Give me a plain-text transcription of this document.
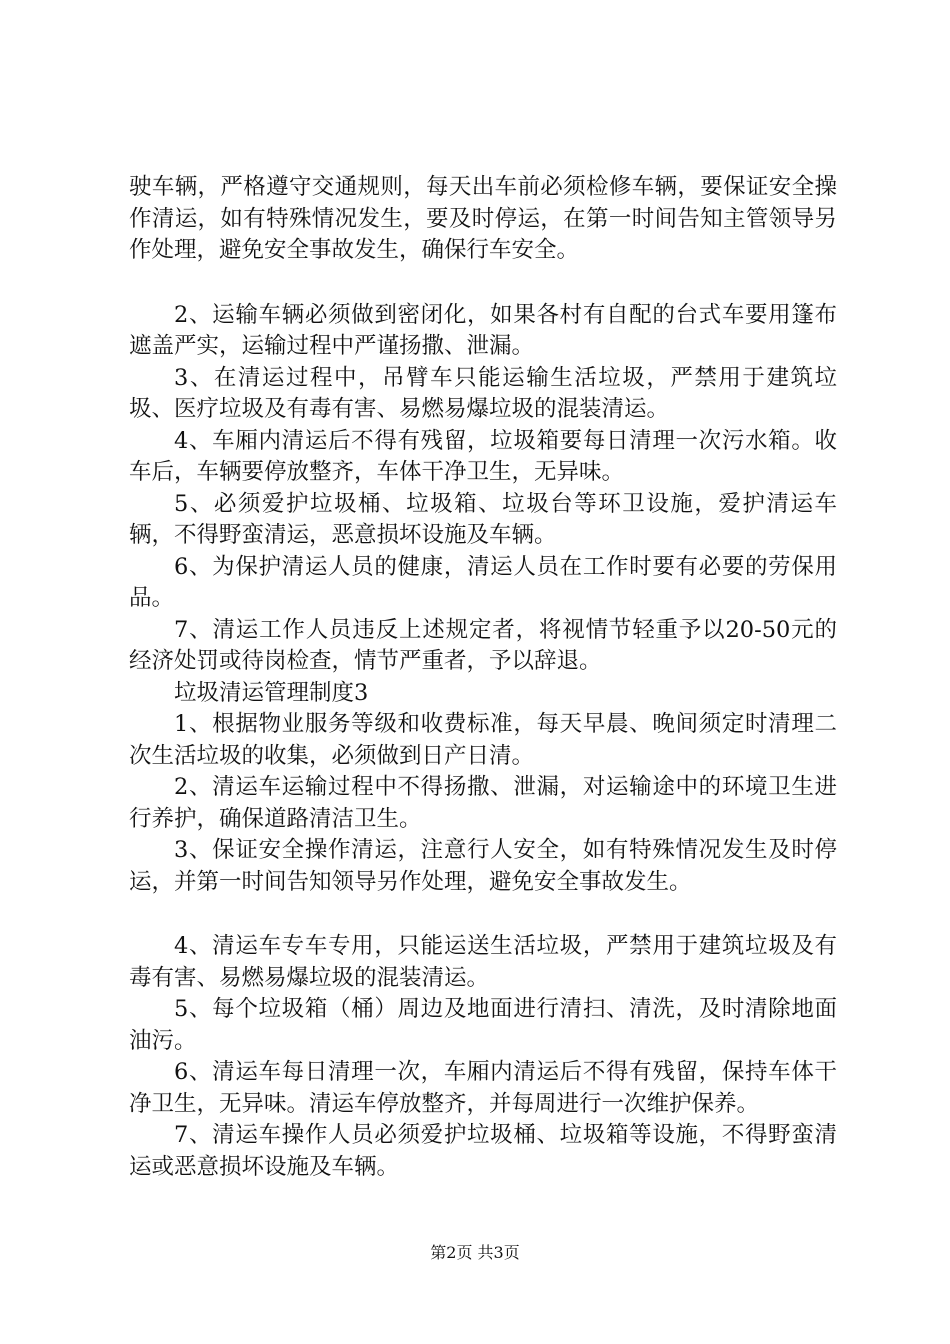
驶车辆，严格遵守交通规则，每天出车前必须检修车辆，要保证安全操作清运，如有特殊情况发生，要及时停运，在第一时间告知主管领导另作处理，避免安全事故发生，确保行车安全。

2、运输车辆必须做到密闭化，如果各村有自配的台式车要用篷布遮盖严实，运输过程中严谨扬撒、泄漏。

3、在清运过程中，吊臂车只能运输生活垃圾，严禁用于建筑垃圾、医疗垃圾及有毒有害、易燃易爆垃圾的混装清运。

4、车厢内清运后不得有残留，垃圾箱要每日清理一次污水箱。收车后，车辆要停放整齐，车体干净卫生，无异味。

5、必须爱护垃圾桶、垃圾箱、垃圾台等环卫设施，爱护清运车辆，不得野蛮清运，恶意损坏设施及车辆。

6、为保护清运人员的健康，清运人员在工作时要有必要的劳保用品。

7、清运工作人员违反上述规定者，将视情节轻重予以20-50元的经济处罚或待岗检查，情节严重者，予以辞退。

垃圾清运管理制度3

1、根据物业服务等级和收费标准，每天早晨、晚间须定时清理二次生活垃圾的收集，必须做到日产日清。

2、清运车运输过程中不得扬撒、泄漏，对运输途中的环境卫生进行养护，确保道路清洁卫生。

3、保证安全操作清运，注意行人安全，如有特殊情况发生及时停运，并第一时间告知领导另作处理，避免安全事故发生。

4、清运车专车专用，只能运送生活垃圾，严禁用于建筑垃圾及有毒有害、易燃易爆垃圾的混装清运。

5、每个垃圾箱（桶）周边及地面进行清扫、清洗，及时清除地面油污。

6、清运车每日清理一次，车厢内清运后不得有残留，保持车体干净卫生，无异味。清运车停放整齐，并每周进行一次维护保养。

7、清运车操作人员必须爱护垃圾桶、垃圾箱等设施，不得野蛮清运或恶意损坏设施及车辆。

第2页 共3页
